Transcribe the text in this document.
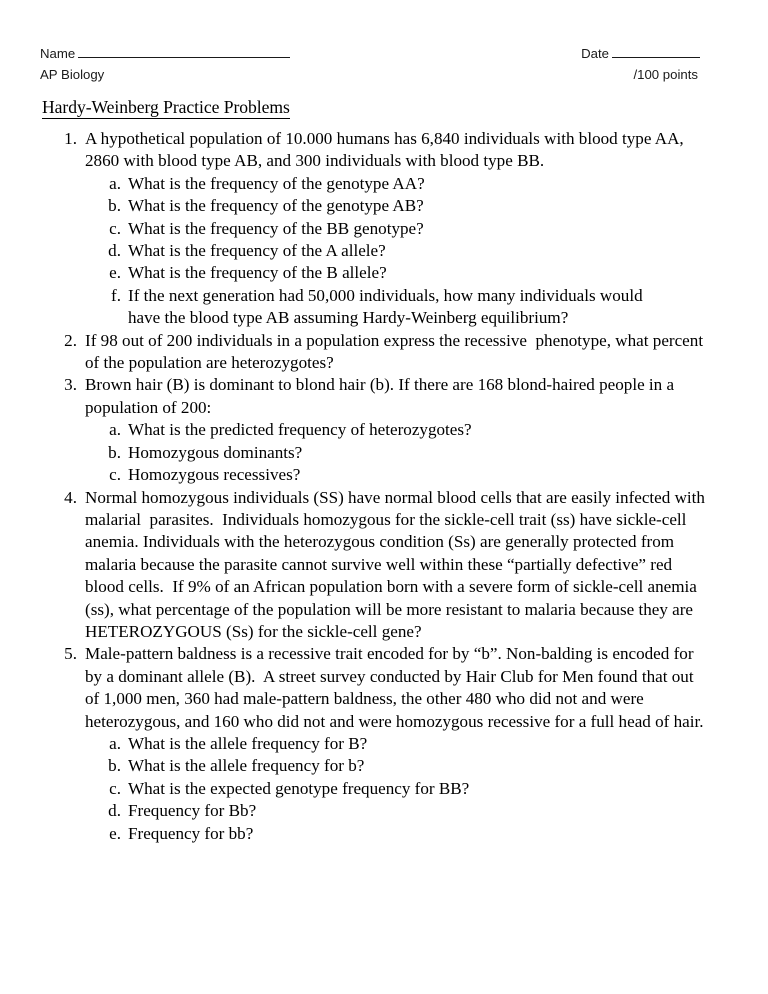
Name	Date
AP Biology	/100 points
Hardy-Weinberg Practice Problems
1. A hypothetical population of 10.000 humans has 6,840 individuals with blood type AA, 2860 with blood type AB, and 300 individuals with blood type BB.
a. What is the frequency of the genotype AA?
b. What is the frequency of the genotype AB?
c. What is the frequency of the BB genotype?
d. What is the frequency of the A allele?
e. What is the frequency of the B allele?
f. If the next generation had 50,000 individuals, how many individuals would have the blood type AB assuming Hardy-Weinberg equilibrium?
2. If 98 out of 200 individuals in a population express the recessive  phenotype, what percent of the population are heterozygotes?
3. Brown hair (B) is dominant to blond hair (b). If there are 168 blond-haired people in a population of 200:
a. What is the predicted frequency of heterozygotes?
b. Homozygous dominants?
c. Homozygous recessives?
4. Normal homozygous individuals (SS) have normal blood cells that are easily infected with malarial  parasites.  Individuals homozygous for the sickle-cell trait (ss) have sickle-cell anemia. Individuals with the heterozygous condition (Ss) are generally protected from malaria because the parasite cannot survive well within these “partially defective” red blood cells.  If 9% of an African population born with a severe form of sickle-cell anemia (ss), what percentage of the population will be more resistant to malaria because they are HETEROZYGOUS (Ss) for the sickle-cell gene?
5. Male-pattern baldness is a recessive trait encoded for by “b”. Non-balding is encoded for by a dominant allele (B).  A street survey conducted by Hair Club for Men found that out of 1,000 men, 360 had male-pattern baldness, the other 480 who did not and were heterozygous, and 160 who did not and were homozygous recessive for a full head of hair.
a. What is the allele frequency for B?
b. What is the allele frequency for b?
c. What is the expected genotype frequency for BB?
d. Frequency for Bb?
e. Frequency for bb?
